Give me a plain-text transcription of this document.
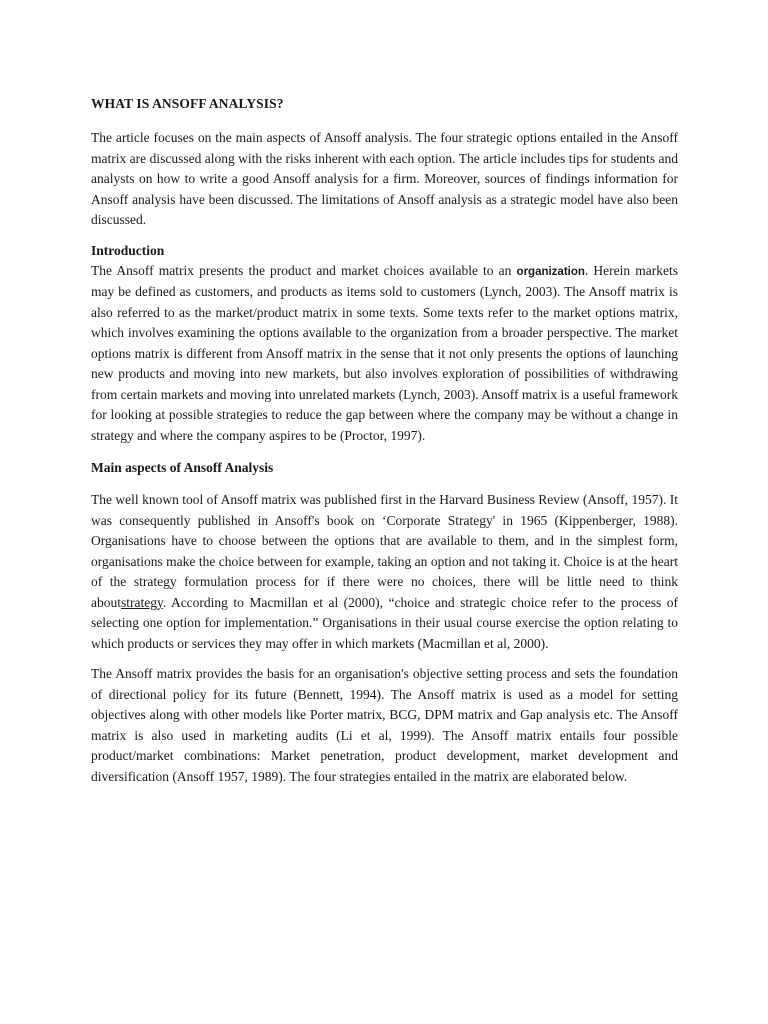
WHAT IS ANSOFF ANALYSIS?

The article focuses on the main aspects of Ansoff analysis. The four strategic options entailed in the Ansoff matrix are discussed along with the risks inherent with each option. The article includes tips for students and analysts on how to write a good Ansoff analysis for a firm. Moreover, sources of findings information for Ansoff analysis have been discussed. The limitations of Ansoff analysis as a strategic model have also been discussed.

Introduction

The Ansoff matrix presents the product and market choices available to an organization. Herein markets may be defined as customers, and products as items sold to customers (Lynch, 2003). The Ansoff matrix is also referred to as the market/product matrix in some texts. Some texts refer to the market options matrix, which involves examining the options available to the organization from a broader perspective. The market options matrix is different from Ansoff matrix in the sense that it not only presents the options of launching new products and moving into new markets, but also involves exploration of possibilities of withdrawing from certain markets and moving into unrelated markets (Lynch, 2003). Ansoff matrix is a useful framework for looking at possible strategies to reduce the gap between where the company may be without a change in strategy and where the company aspires to be (Proctor, 1997).

Main aspects of Ansoff Analysis

The well known tool of Ansoff matrix was published first in the Harvard Business Review (Ansoff, 1957). It was consequently published in Ansoff's book on ‘Corporate Strategy' in 1965 (Kippenberger, 1988). Organisations have to choose between the options that are available to them, and in the simplest form, organisations make the choice between for example, taking an option and not taking it. Choice is at the heart of the strategy formulation process for if there were no choices, there will be little need to think aboutstrategy. According to Macmillan et al (2000), “choice and strategic choice refer to the process of selecting one option for implementation.” Organisations in their usual course exercise the option relating to which products or services they may offer in which markets (Macmillan et al, 2000).

The Ansoff matrix provides the basis for an organisation's objective setting process and sets the foundation of directional policy for its future (Bennett, 1994). The Ansoff matrix is used as a model for setting objectives along with other models like Porter matrix, BCG, DPM matrix and Gap analysis etc. The Ansoff matrix is also used in marketing audits (Li et al, 1999). The Ansoff matrix entails four possible product/market combinations: Market penetration, product development, market development and diversification (Ansoff 1957, 1989). The four strategies entailed in the matrix are elaborated below.
